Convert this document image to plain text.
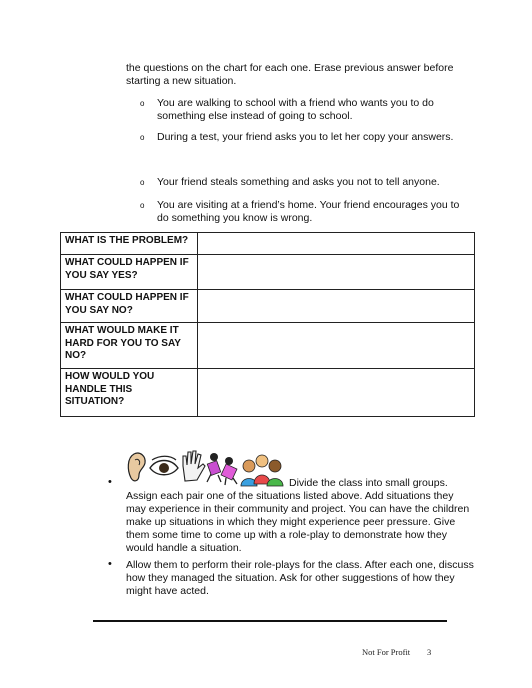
the questions on the chart for each one. Erase previous answer before starting a new situation.
o You are walking to school with a friend who wants you to do something else instead of going to school.
o During a test, your friend asks you to let her copy your answers.
o Your friend steals something and asks you not to tell anyone.
o You are visiting at a friend’s home. Your friend encourages you to do something you know is wrong.
WHAT IS THE PROBLEM?	
WHAT COULD HAPPEN IF YOU SAY YES?	
WHAT COULD HAPPEN IF YOU SAY NO?	
WHAT WOULD MAKE IT HARD FOR YOU TO SAY NO?	
HOW WOULD YOU HANDLE THIS SITUATION?	
•	Divide the class into small groups. Assign each pair one of the situations listed above. Add situations they may experience in their community and project. You can have the children make up situations in which they might experience peer pressure. Give them some time to come up with a role-play to demonstrate how they would handle a situation.
• Allow them to perform their role-plays for the class. After each one, discuss how they managed the situation. Ask for other suggestions of how they might have acted.
Not For Profit 3
